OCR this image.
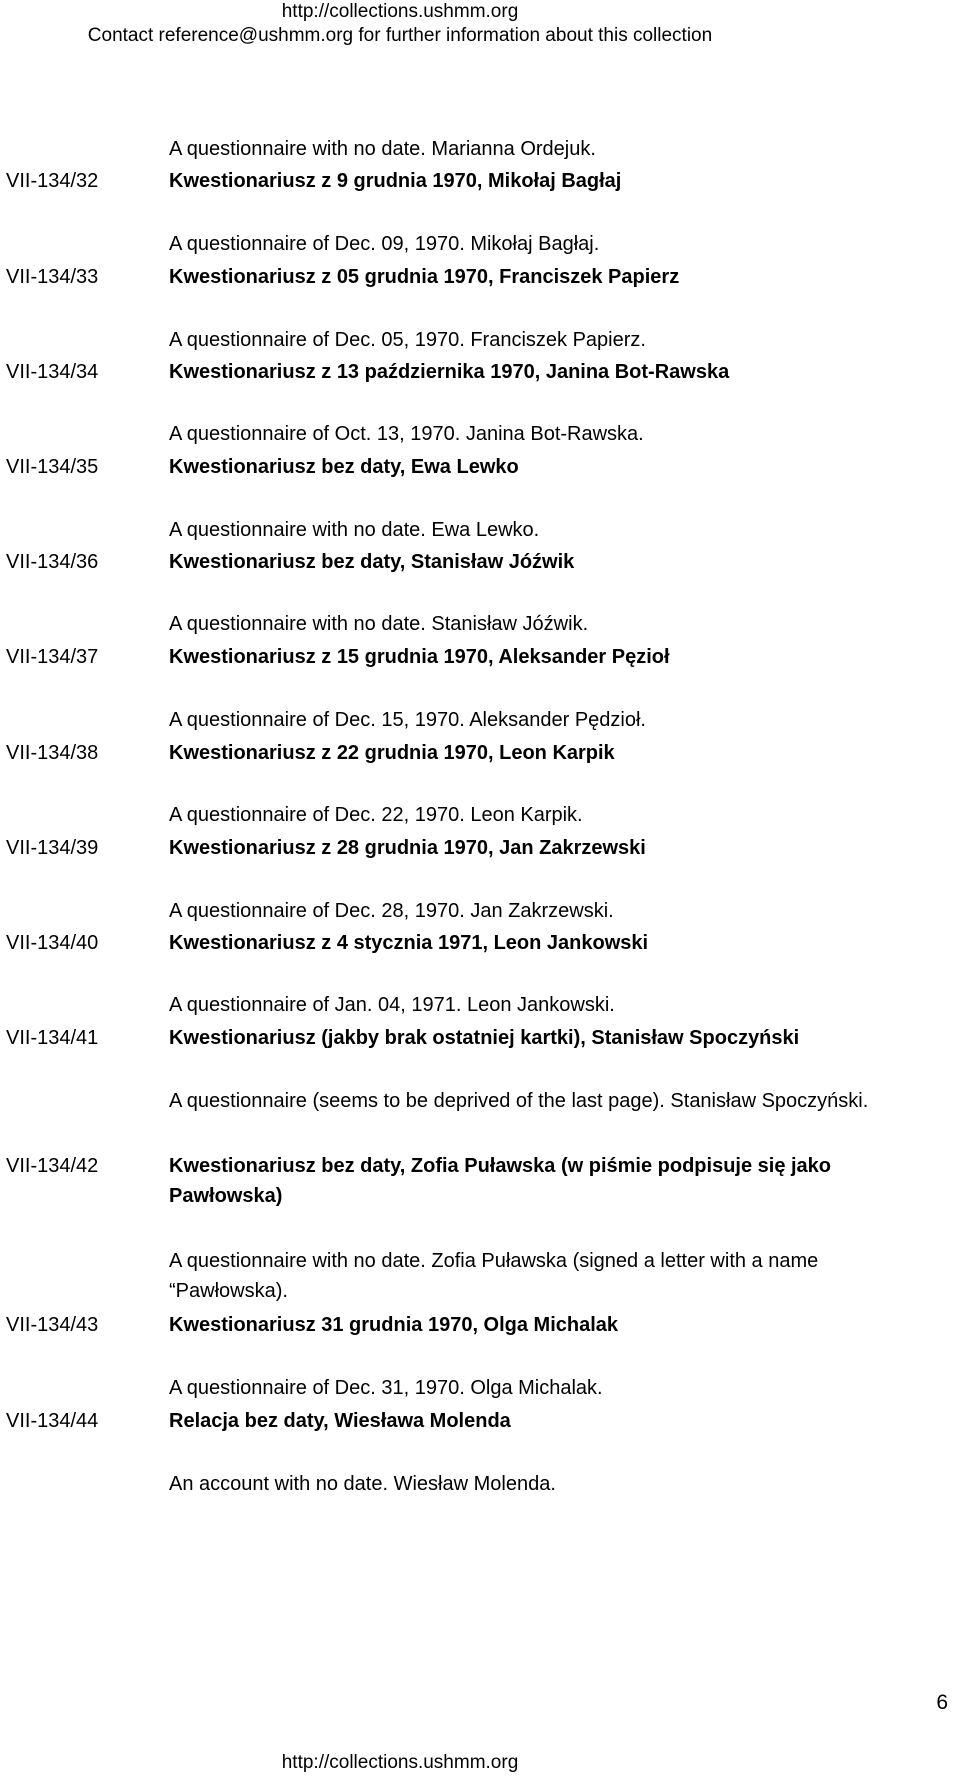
http://collections.ushmm.org
Contact reference@ushmm.org for further information about this collection
A questionnaire with no date. Marianna Ordejuk.
VII-134/32	Kwestionariusz z 9 grudnia 1970, Mikołaj Bagłaj
A questionnaire of Dec. 09, 1970. Mikołaj Bagłaj.
VII-134/33	Kwestionariusz z 05 grudnia 1970, Franciszek Papierz
A questionnaire of Dec. 05, 1970. Franciszek Papierz.
VII-134/34	Kwestionariusz z 13 października 1970, Janina Bot-Rawska
A questionnaire of Oct. 13, 1970. Janina Bot-Rawska.
VII-134/35	Kwestionariusz bez daty, Ewa Lewko
A questionnaire with no date. Ewa Lewko.
VII-134/36	Kwestionariusz bez daty, Stanisław Jóźwik
A questionnaire with no date. Stanisław Jóźwik.
VII-134/37	Kwestionariusz z 15 grudnia 1970, Aleksander Pęzioł
A questionnaire of Dec. 15, 1970. Aleksander Pędzioł.
VII-134/38	Kwestionariusz z 22 grudnia 1970, Leon Karpik
A questionnaire of Dec. 22, 1970. Leon Karpik.
VII-134/39	Kwestionariusz z 28 grudnia 1970, Jan Zakrzewski
A questionnaire of Dec. 28, 1970. Jan Zakrzewski.
VII-134/40	Kwestionariusz z 4 stycznia 1971, Leon Jankowski
A questionnaire of Jan. 04, 1971. Leon Jankowski.
VII-134/41	Kwestionariusz (jakby brak ostatniej kartki), Stanisław Spoczyński
A questionnaire (seems to be deprived of the last page). Stanisław Spoczyński.
VII-134/42	Kwestionariusz bez daty, Zofia Puławska (w piśmie podpisuje się jako Pawłowska)
A questionnaire with no date. Zofia Puławska (signed a letter with a name “Pawłowska).
VII-134/43	Kwestionariusz 31 grudnia 1970, Olga Michalak
A questionnaire of Dec. 31, 1970. Olga Michalak.
VII-134/44	Relacja bez daty, Wiesława Molenda
An account with no date. Wiesław Molenda.
6
http://collections.ushmm.org
